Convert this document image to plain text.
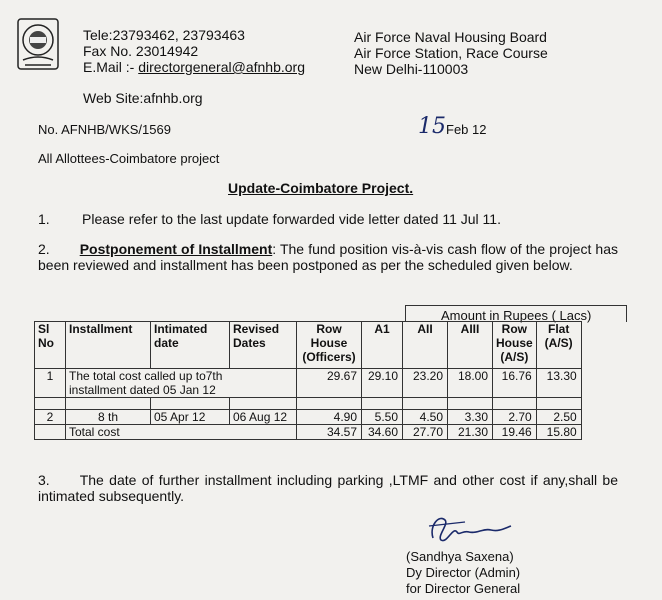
Tele:23793462, 23793463
Fax No. 23014942
E.Mail :- directorgeneral@afnhb.org
Web Site:afnhb.org
Air Force Naval Housing Board
Air Force Station, Race Course
New Delhi-110003
No. AFNHB/WKS/1569	15 Feb 12
All Allottees-Coimbatore project
Update-Coimbatore Project.
1. Please refer to the last update forwarded vide letter dated 11 Jul 11.
2. Postponement of Installment: The fund position vis-à-vis cash flow of the project has been reviewed and installment has been postponed as per the scheduled given below.
Amount in Rupees ( Lacs)
Sl No	Installment	Intimated date	Revised Dates	Row House (Officers)	A1	AII	AIII	Row House (A/S)	Flat (A/S)
1	The total cost called up to7th installment dated 05 Jan 12			29.67	29.10	23.20	18.00	16.76	13.30

2	8 th	05 Apr 12	06 Aug 12	4.90	5.50	4.50	3.30	2.70	2.50
	Total cost			34.57	34.60	27.70	21.30	19.46	15.80
3. The date of further installment including parking ,LTMF and other cost if any,shall be intimated subsequently.
(Sandhya Saxena)
Dy Director (Admin)
for Director General
